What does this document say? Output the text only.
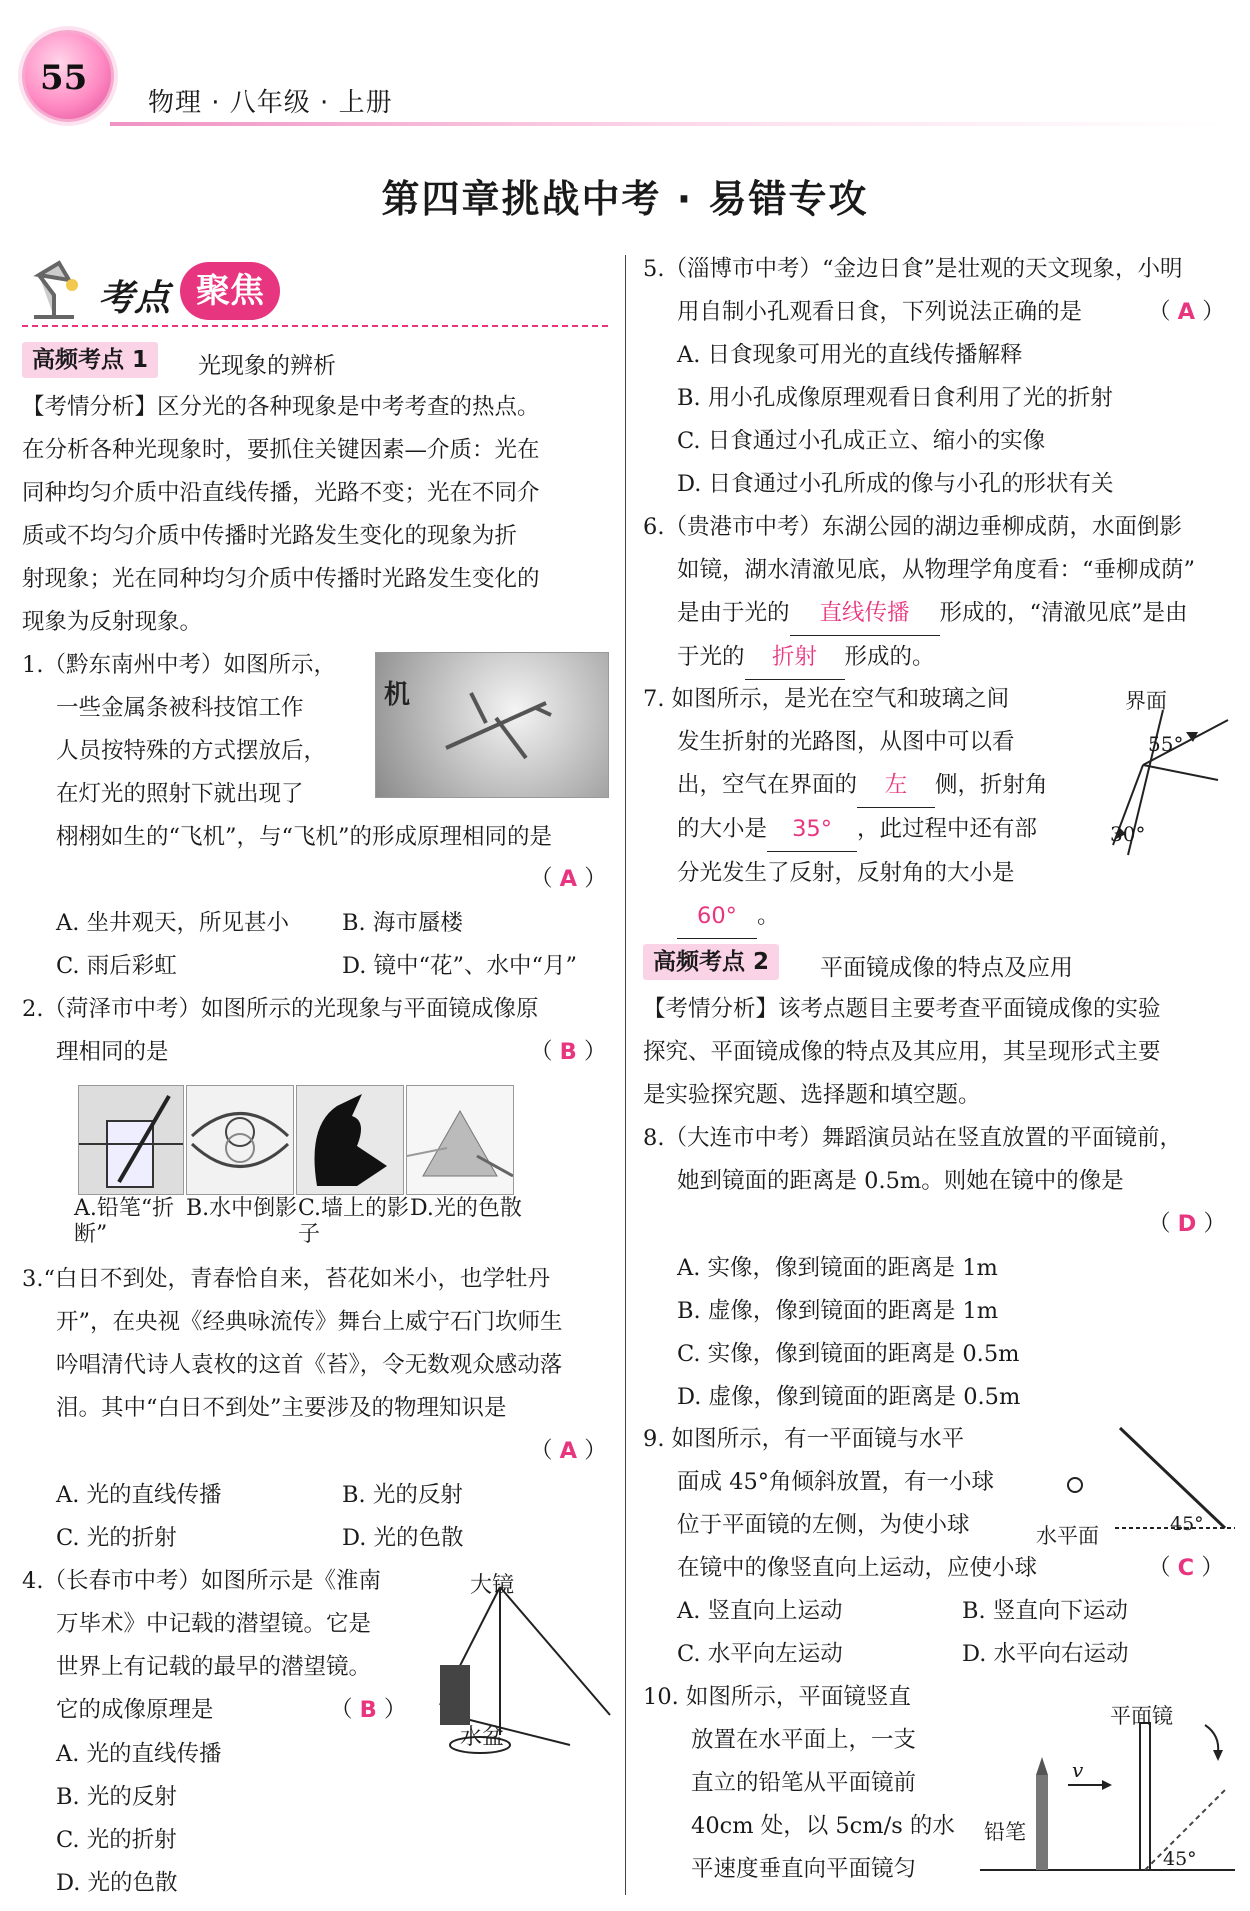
55
物理 · 八年级 · 上册
第四章挑战中考 · 易错专攻
考点 聚焦
高频考点 1	光现象的辨析
【考情分析】区分光的各种现象是中考考查的热点。
在分析各种光现象时，要抓住关键因素—介质：光在
同种均匀介质中沿直线传播，光路不变；光在不同介
质或不均匀介质中传播时光路发生变化的现象为折
射现象；光在同种均匀介质中传播时光路发生变化的
现象为反射现象。
1.（黔东南州中考）如图所示，
一些金属条被科技馆工作
人员按特殊的方式摆放后，
在灯光的照射下就出现了
栩栩如生的“飞机”，与“飞机”的形成原理相同的是
机
（ A ）
A. 坐井观天，所见甚小 B. 海市蜃楼
C. 雨后彩虹	D. 镜中“花”、水中“月”
2.（菏泽市中考）如图所示的光现象与平面镜成像原
理相同的是	（ B ）
A.铅笔“折断”
B.水中倒影 C.墙上的影子
D.光的色散
3.“白日不到处，青春恰自来，苔花如米小，也学牡丹
开”，在央视《经典咏流传》舞台上威宁石门坎师生
吟唱清代诗人袁枚的这首《苔》，令无数观众感动落
泪。其中“白日不到处”主要涉及的物理知识是
（ A ）
A. 光的直线传播	B. 光的反射
C. 光的折射	D. 光的色散
4.（长春市中考）如图所示是《淮南
万毕术》中记载的潜望镜。它是
世界上有记载的最早的潜望镜。
它的成像原理是	（ B ）
大镜
水盆
A. 光的直线传播
B. 光的反射
C. 光的折射
D. 光的色散
5.（淄博市中考）“金边日食”是壮观的天文现象，小明
用自制小孔观看日食，下列说法正确的是	（ A ）
A. 日食现象可用光的直线传播解释
B. 用小孔成像原理观看日食利用了光的折射
C. 日食通过小孔成正立、缩小的实像
D. 日食通过小孔所成的像与小孔的形状有关
6.（贵港市中考）东湖公园的湖边垂柳成荫，水面倒影
如镜，湖水清澈见底，从物理学角度看：“垂柳成荫”
是由于光的 直线传播 形成的，“清澈见底”是由
于光的 折射 形成的。
7. 如图所示，是光在空气和玻璃之间
发生折射的光路图，从图中可以看
出，空气在界面的 左 侧，折射角
的大小是 35° ，此过程中还有部
分光发生了反射，反射角的大小是
60° 。
界面
55°
30°
高频考点 2	平面镜成像的特点及应用
【考情分析】该考点题目主要考查平面镜成像的实验
探究、平面镜成像的特点及其应用，其呈现形式主要
是实验探究题、选择题和填空题。
8.（大连市中考）舞蹈演员站在竖直放置的平面镜前，
她到镜面的距离是 0.5m。则她在镜中的像是
（ D ）
A. 实像，像到镜面的距离是 1m
B. 虚像，像到镜面的距离是 1m
C. 实像，像到镜面的距离是 0.5m
D. 虚像，像到镜面的距离是 0.5m
9. 如图所示，有一平面镜与水平
面成 45°角倾斜放置，有一小球
位于平面镜的左侧，为使小球
在镜中的像竖直向上运动，应使小球	（ C ）
水平面	45°
A. 竖直向上运动	B. 竖直向下运动
C. 水平向左运动	D. 水平向右运动
10. 如图所示，平面镜竖直
放置在水平面上，一支
直立的铅笔从平面镜前
40cm 处，以 5cm/s 的水
平速度垂直向平面镜匀
平面镜
铅笔
v
45°
